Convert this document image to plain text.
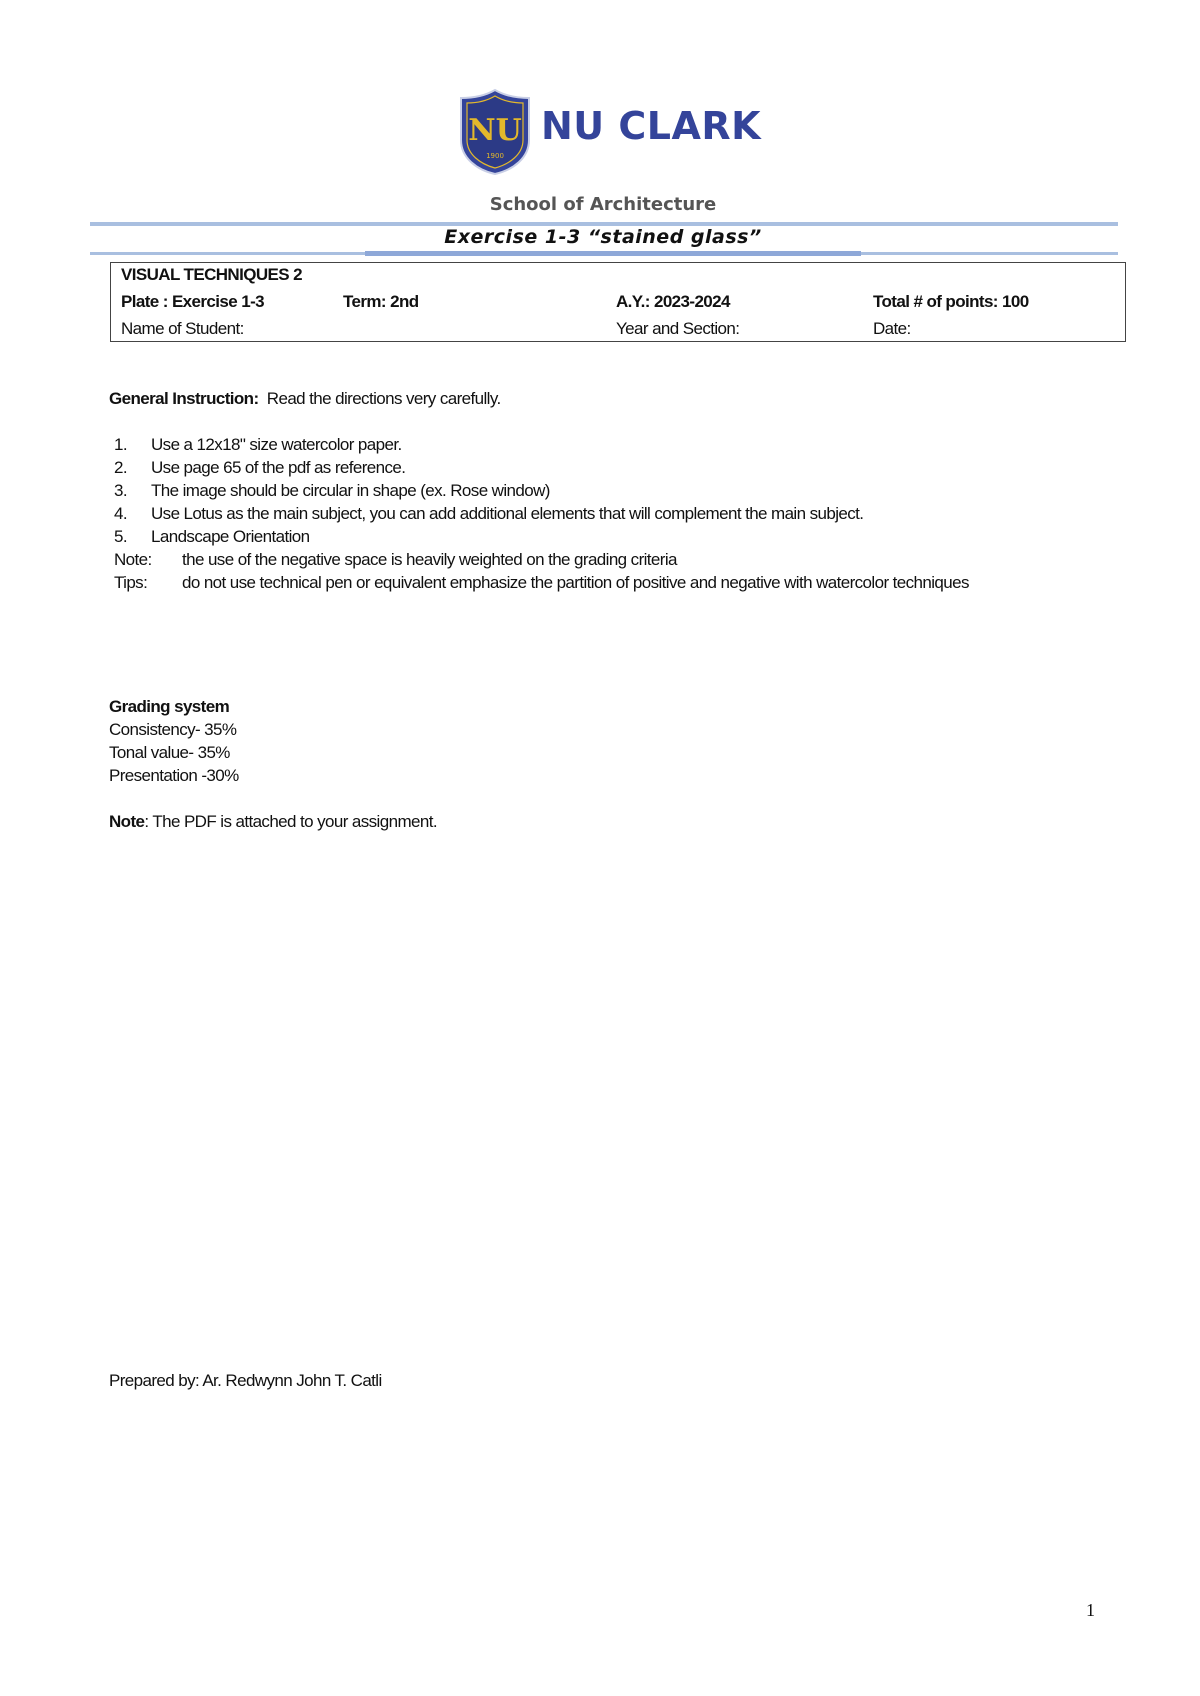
NU
1900
NU CLARK
School of Architecture
Exercise 1-3 “stained glass”
VISUAL TECHNIQUES 2
Plate : Exercise 1-3	Term: 2nd	A.Y.: 2023-2024	Total # of points: 100
Name of Student:	Year and Section:	Date:
General Instruction: Read the directions very carefully.
1. Use a 12x18" size watercolor paper.
2. Use page 65 of the pdf as reference.
3. The image should be circular in shape (ex. Rose window)
4. Use Lotus as the main subject, you can add additional elements that will complement the main subject.
5. Landscape Orientation
Note: the use of the negative space is heavily weighted on the grading criteria
Tips: do not use technical pen or equivalent emphasize the partition of positive and negative with watercolor techniques
Grading system
Consistency- 35%
Tonal value- 35%
Presentation -30%
Note: The PDF is attached to your assignment.
Prepared by: Ar. Redwynn John T. Catli
1
